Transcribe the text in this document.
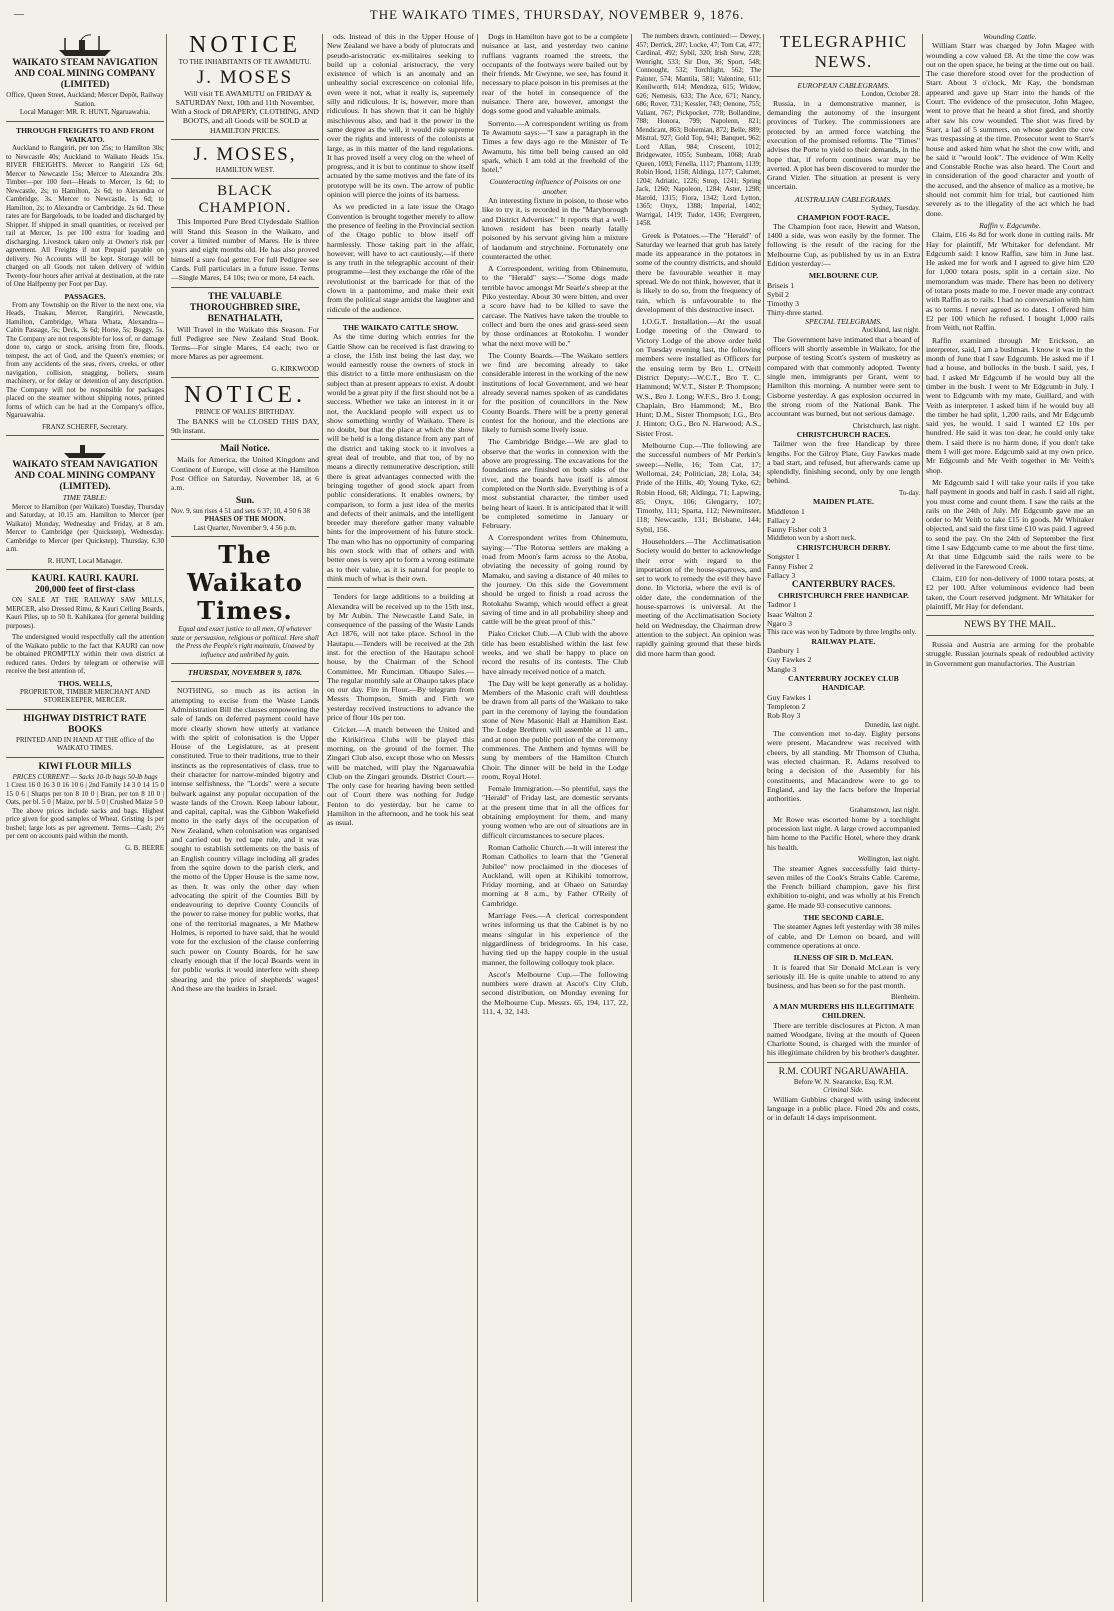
—	THE WAIKATO TIMES, THURSDAY, NOVEMBER 9, 1876.
WAIKATO STEAM NAVIGATION AND COAL MINING COMPANY (LIMITED)
Office, Queen Street, Auckland; Mercer Depôt, Railway Station.
Local Manager: MR. R. HUNT, Ngaruawahia.
THROUGH FREIGHTS TO AND FROM WAIKATO.

Auckland to Rangiriri, per ton 25s; to Hamilton 30s; to Newcastle 40s; Auckland to Waikato Heads 15s. RIVER FREIGHTS. Mercer to Rangiriri 12s 6d; Mercer to Newcastle 15s; Mercer to Alexandra 20s. Timber—per 100 feet—Heads to Mercer, 1s 6d; to Newcastle, 2s; to Hamilton, 2s 6d; to Alexandra or Cambridge, 3s. Mercer to Newcastle, 1s 6d; to Hamilton, 2s; to Alexandra or Cambridge, 2s 6d. These rates are for Bargeloads, to be loaded and discharged by Shipper. If shipped in small quantities, or received per rail at Mercer, 1s per 100 extra for loading and discharging. Livestock taken only at Owner's risk per agreement. All Freights if not Prepaid payable on delivery. No Accounts will be kept. Storage will be charged on all Goods not taken delivery of within Twenty-four hours after arrival at destination, at the rate of One Halfpenny per Foot per Day.

PASSAGES.

From any Township on the River to the next one, via Heads, Tuakau, Mercer, Rangiriri, Newcastle, Hamilton, Cambridge, Whata Whata, Alexandra—Cabin Passage, 5s; Deck, 3s 6d; Horse, 5s; Buggy, 5s. The Company are not responsible for loss of, or damage done to, cargo or stock, arising from fire, floods, tempest, the act of God, and the Queen's enemies; or from any accidents of the seas, rivers, creeks, or other navigation, collision, snagging, boilers, steam machinery, or for delay or detention of any description. The Company will not be responsible for packages placed on the steamer without shipping notes, printed forms of which can be had at the Company's office, Ngaruawahia.

FRANZ SCHERFF, Secretary.
WAIKATO STEAM NAVIGATION AND COAL MINING COMPANY (LIMITED).
TIME TABLE:

Mercer to Hamilton (per Waikato) Tuesday, Thursday and Saturday, at 10.15 am. Hamilton to Mercer (per Waikato) Monday, Wednesday and Friday, at 8 am. Mercer to Cambridge (per Quickstep), Wednesday. Cambridge to Mercer (per Quickstep), Thursday, 6.30 a.m.

R. HUNT, Local Manager.
KAURI. KAURI. KAURI.
200,000 feet of first-class

ON SALE AT THE RAILWAY SAW MILLS, MERCER, also Dressed Rimu, & Kauri Ceiling Boards, Kauri Piles, up to 50 ft. Kahikatea (for general building purposes).

The undersigned would respectfully call the attention of the Waikato public to the fact that KAURI can now be obtained PROMPTLY within their own district at reduced rates. Orders by telegram or otherwise will receive the best attention of,

THOS. WELLS,
PROPRIETOR, TIMBER MERCHANT AND STOREKEEPER, MERCER.
HIGHWAY DISTRICT RATE BOOKS
PRINTED AND IN HAND AT THE office of the WAIKATO TIMES.
KIWI FLOUR MILLS
PRICES CURRENT:— Sacks 10-lb bags 50-lb bags
1 Crest 16 0 16 3 0 16 10 6 | 2nd Family 14 3 0 14 15 0 15 0 6 | Sharps per ton 8 10 0 | Bran, per ton 8 10 0 | Oats, per bl. 5 0 | Maize, per bl. 5 0 | Crushed Maize 5 0

The above prices include sacks and bags. Highest price given for good samples of Wheat. Gristing 1s per bushel; large lots as per agreement. Terms—Cash; 2½ per cent on accounts paid within the month.

G. B. BEERE
NOTICE
TO THE INHABITANTS OF TE AWAMUTU.
J. MOSES

Will visit TE AWAMUTU on FRIDAY & SATURDAY Next, 10th and 11th November, With a Stock of DRAPERY, CLOTHING, AND BOOTS, and all Goods will be SOLD at HAMILTON PRICES.

J. MOSES,
HAMILTON WEST.
BLACK CHAMPION.

This Imported Pure Bred Clydesdale Stallion will Stand this Season in the Waikato, and cover a limited number of Mares. He is three years and eight months old. He has also proved himself a sure foal getter. For full Pedigree see Cards. Full particulars in a future issue. Terms—Single Mares, £4 10s; two or more, £4 each.

THE VALUABLE THOROUGHBRED SIRE, BENATHALATH,

Will Travel in the Waikato this Season. For full Pedigree see New Zealand Stud Book. Terms—For single Mares, £4 each; two or more Mares as per agreement.

G. KIRKWOOD
NOTICE.
PRINCE OF WALES' BIRTHDAY.

The BANKS will be CLOSED THIS DAY, 9th instant.

Mail Notice.

Mails for America, the United Kingdom and Continent of Europe, will close at the Hamilton Post Office on Saturday, November 18, at 6 a.m.

Sun.
Nov. 9, sun rises 4 51 and sets 6 37; 10, 4 50 6 38
PHASES OF THE MOON.
Last Quarter, November 9, 4 56 p.m.
The Waikato Times.
Equal and exact justice to all men, Of whatever state or persuasion, religious or political. Here shall the Press the People's right maintain, Unawed by influence and unbribed by gain.
THURSDAY, NOVEMBER 9, 1876.

NOTHING, so much as its action in attempting to excise from the Waste Lands Administration Bill the clauses empowering the sale of lands on deferred payment could have more clearly shown how utterly at variance with the spirit of colonisation is the Upper House of the Legislature, as at present constituted. True to their traditions, true to their instincts as the representatives of class, true to their character for narrow-minded bigotry and intense selfishness, the "Lords" were a secure bulwark against any popular occupation of the waste lands of the Crown. Keep labour labour, and capital, capital, was the Gibbon Wakefield motto in the early days of the occupation of New Zealand, when colonisation was organised and carried out by red tape rule, and it was sought to establish settlements on the basis of an English country village including all grades from the squire down to the parish clerk, and the motto of the Upper House is the same now, as then. It was only the other day when advocating the spirit of the Counties Bill by endeavouring to deprive County Councils of the power to raise money for public works, that one of the territorial magnates, a Mr Mathew Holmes, is reported to have said, that he would vote for the exclusion of the clause conferring such power on County Boards, for he saw clearly enough that if the local Boards went in for public works it would interfere with sheep shearing and the price of shepherds' wages! And these are the leaders in Israel.

ods. Instead of this in the Upper House of New Zealand we have a body of plutocrats and pseudo-aristocratic ex-militaires seeking to build up a colonial aristocracy, the very existence of which is an anomaly and an unhealthy social excrescence on colonial life, even were it not, what it really is, supremely silly and ridiculous. It is, however, more than ridiculous. It has shown that it can be highly mischievous also, and had it the power in the same degree as the will, it would ride supreme over the rights and interests of the colonists at large, as in this matter of the land regulations. It has proved itself a very clog on the wheel of progress, and it is but to continue to show itself actuated by the same motives and the fate of its prototype will be its own. The arrow of public opinion will pierce the joints of its harness.

As we predicted in a late issue the Otago Convention is brought together merely to allow the presence of feeling in the Provincial section of the Otago public to blow itself off harmlessly. Those taking part in the affair, however, will have to act cautiously,—if there is any truth in the telegraphic account of their programme—lest they exchange the rôle of the revolutionist at the barricade for that of the clown in a pantomime, and make their exit from the political stage amidst the laughter and ridicule of the audience.

THE WAIKATO CATTLE SHOW.

As the time during which entries for the Cattle Show can be received is fast drawing to a close, the 15th inst being the last day, we would earnestly rouse the owners of stock in this district to a little more enthusiasm on the subject than at present appears to exist. A doubt would be a great pity if the first should not be a success. Whether we take an interest in it or not, the Auckland people will expect us to show something worthy of Waikato. There is no doubt, but that the place at which the show will be held is a long distance from any part of the district and taking stock to it involves a great deal of trouble, and that too, of by no means a directly remunerative description, still there is great advantages connected with the bringing together of good stock apart from public considerations. It enables owners, by comparison, to form a just idea of the merits and defects of their animals, and the intelligent breeder may therefore gather many valuable hints for the improvement of his future stock. The man who has no opportunity of comparing his own stock with that of others and with better ones is very apt to form a wrong estimate as to their value, as it is natural for people to think much of what is their own.

Tenders for large additions to a building at Alexandra will be received up to the 15th inst, by Mr Aubin. The Newcastle Land Sale, in consequence of the passing of the Waste Lands Act 1876, will not take place. School in the Hautapu.—Tenders will be received at the 2th inst. for the erection of the Hautapu school house, by the Chairman of the School Committee, Mr Runciman. Ohaupo Sales.—The regular monthly sale at Ohaupo takes place on our day. Fire in Flour.—By telegram from Messrs Thompson, Smith and Firth we yesterday received instructions to advance the price of flour 10s per ton.

Cricket.—A match between the United and the Kirikiriroa Clubs will be played this morning, on the ground of the former. The Zingari Club also, except those who on Messrs will be matched, will play the Ngaruawahia Club on the Zingari grounds. District Court.—The only case for hearing having been settled out of Court there was nothing for Judge Fenton to do yesterday, but he came to Hamilton in the afternoon, and he took his seat as usual.

Dogs in Hamilton have got to be a complete nuisance at last, and yesterday two canine ruffians vagrants roamed the streets, the occupants of the footways were bailed out by their friends. Mr Gwynne, we see, has found it necessary to place poison in his premises at the rear of the hotel in consequence of the nuisance. There are, however, amongst the dogs some good and valuable animals.

Sorrento.—A correspondent writing us from Te Awamutu says:—"I saw a paragraph in the Times a few days ago re the Minister of Te Awamutu, his time bell being caused an old spark, which I am told at the freehold of the hotel."

Counteracting influence of Poisons on one another.

An interesting fixture in poison, to those who like to try it, is recorded in the "Maryborough and District Advertiser." It reports that a well-known resident has been nearly fatally poisoned by his servant giving him a mixture of laudanum and strychnine. Fortunately one counteracted the other.

A Correspondent, writing from Ohinemutu, to the "Herald" says:—"Some dogs made terrible havoc amongst Mr Searle's sheep at the Piko yesterday. About 30 were bitten, and over a score have had to be killed to save the carcase. The Natives have taken the trouble to collect and burn the ones and grass-seed seen by those ordinances at Rotokohu. I wonder what the next move will be."

The County Boards.—The Waikato settlers we find are becoming already to take considerable interest in the working of the new institutions of local Government, and we hear already several names spoken of as candidates for the position of councillors in the New County Boards. There will be a pretty general contest for the honour, and the elections are likely to furnish some lively issue.

The Cambridge Bridge.—We are glad to observe that the works in connexion with the above are progressing. The excavations for the foundations are finished on both sides of the river, and the boards have itself is almost completed on the North side. Everything is of a most substantial character, the timber used being heart of kauri. It is anticipated that it will be completed sometime in January or February.

A Correspondent writes from Ohinemutu, saying:—"The Rotorua settlers are making a road from Moon's farm across to the Atoba, obviating the necessity of going round by Mamaku, and saving a distance of 40 miles to the journey. On this side the Government should be urged to finish a road across the Rotokahu Swamp, which would effect a great saving of time and in all probability sheep and cattle will be the great proof of this."

Piako Cricket Club.—A Club with the above title has been established within the last few weeks, and we shall be happy to place on record the results of its contests. The Club have already received notice of a match.

The Day will be kept generally as a holiday. Members of the Masonic craft will doubtless be drawn from all parts of the Waikato to take part in the ceremony of laying the foundation stone of New Masonic Hall at Hamilton East. The Lodge Brethren will assemble at 11 am., and at noon the public portion of the ceremony commences. The Anthem and hymns will be sung by members of the Hamilton Church Choir. The dinner will be held in the Lodge room, Royal Hotel.

Female Immigration.—So plentiful, says the "Herald" of Friday last, are domestic servants at the present time that in all the offices for obtaining employment for them, and many young women who are out of situations are in difficult circumstances to secure places.

Roman Catholic Church.—It will interest the Roman Catholics to learn that the "General Jubilee" now proclaimed in the dioceses of Auckland, will open at Kihikihi tomorrow, Friday morning, and at Ohaeo on Saturday morning at 8 a.m., by Father O'Reily of Cambridge.

Marriage Fees.—A clerical correspondent writes informing us that the Cabinet is by no means singular in his experience of the niggardliness of bridegrooms. In his case, having tied up the happy couple in the usual manner, the following colloquy took place.

Ascot's Melbourne Cup.—The following numbers were drawn at Ascot's City Club, second distribution, on Monday evening for the Melbourne Cup. Messrs. 65, 194, 117, 22, 111, 4, 32, 143.

The numbers drawn, continued:— Dewey, 457; Derrick, 207; Locke, 47; Tom Cat, 477; Cardinal, 492; Sybil, 320; Irish Stew, 228; Wenright, 533; Sir Don, 36; Sport, 548; Connought, 532; Torchlight, 562; The Painter, 574; Mantila, 581; Valentine, 611; Kenilworth, 614; Mendoza, 615; Widow, 626; Nemesis, 633; The Ace, 671; Nancy, 686; Rover, 731; Kessler, 743; Oenone, 755; Valiant, 767; Pickpocket, 778; Bollandine, 788; Honora, 799; Napoleon, 821; Mendicant, 863; Bohemian, 872; Belle, 889; Mistral, 927; Gold Top, 941; Banquet, 962; Lord Allan, 984; Crescent, 1012; Bridgewater, 1055; Sunbeam, 1068; Arab Queen, 1093; Fenella, 1117; Phantom, 1139; Robin Hood, 1158; Aldinga, 1177; Calumet, 1204; Adriatic, 1226; Strop, 1241; Spring Jack, 1260; Napoleon, 1284; Aster, 1298; Harold, 1315; Fiora, 1342; Lord Lytton, 1365; Onyx, 1388; Imperial, 1402; Warrigal, 1419; Tudor, 1436; Evergreen, 1458.

Greek is Potatoes.—The "Herald" of Saturday we learned that grub has lately made its appearance in the potatoes in some of the country districts, and should there be favourable weather it may spread. We do not think, however, that it is likely to do so, from the frequency of rain, which is unfavourable to the development of this destructive insect.

I.O.G.T. Installation.—At the usual Lodge meeting of the Onward to Victory Lodge of the above order held on Tuesday evening last, the following members were installed as Officers for the ensuing term by Bro L. O'Neill District Deputy:—W.C.T., Bro T. C. Hammond; W.V.T., Sister P. Thompson; W.S., Bro J. Long; W.F.S., Bro J. Long; Chaplain, Bro Hammond; M., Bro Hunt; D.M., Sister Thompson; I.G., Bro J. Hinton; O.G., Bro N. Harwood; A.S., Sister Frost.

Melbourne Cup.—The following are the successful numbers of Mr Perkin's sweep:—Nelle, 16; Tom Cat, 17; Wollomai, 24; Politician, 28; Lola, 34; Pride of the Hills, 40; Young Tyke, 62; Robin Hood, 68; Aldinga, 71; Lapwing, 85; Onyx, 106; Glengarry, 107; Timothy, 111; Sparta, 112; Newminster, 118; Newcastle, 131; Brisbane, 144; Sybil, 156.

Householders.—The Acclimatisation Society would do better to acknowledge their error with regard to the importation of the house-sparrows, and set to work to remedy the evil they have done. In Victoria, where the evil is of older date, the condemnation of the house-sparrows is universal. At the meeting of the Acclimatisation Society held on Wednesday, the Chairman drew attention to the subject. An opinion was rapidly gaining ground that these birds did more harm than good.

TELEGRAPHIC NEWS.
EUROPEAN CABLEGRAMS.
London, October 28.

Russia, in a demonstrative manner, is demanding the autonomy of the insurgent provinces of Turkey. The commissioners are protected by an armed force watching the execution of the promised reforms. The "Times" advises the Porte to yield to their demands, in the hope that, if reform continues war may be averted. A plot has been discovered to murder the Grand Vizier. The situation at present is very uncertain.

AUSTRALIAN CABLEGRAMS.
Sydney, Tuesday.
CHAMPION FOOT-RACE.

The Champion foot race, Hewitt and Watson, 1400 a side, was won easily by the former. The following is the result of the racing for the Melbourne Cup, as published by us in an Extra Edition yesterday:—

MELBOURNE CUP.
Briseis 1
Sybil 2
Timothy 3
Thirty-three started.
SPECIAL TELEGRAMS.
Auckland, last night.

The Government have intimated that a board of officers will shortly assemble in Waikato, for the purpose of testing Scott's system of musketry as compared with that commonly adopted. Twenty single men, immigrants per Grant, went to Hamilton this morning. A number were sent to Cisborne yesterday. A gas explosion occurred in the strong room of the National Bank. The accountant was burned, but not serious damage.

Christchurch, last night.
CHRISTCHURCH RACES.

Tailmer won the free Handicap by three lengths. For the Gilroy Plate, Guy Fawkes made a bad start, and refused, but afterwards came up splendidly, finishing second, only by one length behind.

To-day.
MAIDEN PLATE.
Middleton 1
Fallacy 2
Fanny Fisher colt 3
Middleton won by a short neck.
CHRISTCHURCH DERBY.
Songster 1
Fanny Fisher 2
Fallacy 3
CANTERBURY RACES.
CHRISTCHURCH FREE HANDICAP.
Tadmor 1
Isaac Walton 2
Ngaro 3
This race was won by Tadmore by three lengths only.
RAILWAY PLATE.
Danbury 1
Guy Fawkes 2
Mangle 3
CANTERBURY JOCKEY CLUB HANDICAP.
Guy Fawkes 1
Templeton 2
Rob Roy 3
Dunedin, last night.

The convention met to-day. Eighty persons were present. Macandrew was received with cheers, by all standing. Mr Thomson of Clutha, was elected chairman. R. Adams resolved to bring a decision of the Assembly for his constituents, and Macandrew were to go to England, and lay the facts before the Imperial authorities.

Grahamstown, last night.

Mr Rowe was escorted home by a torchlight procession last night. A large crowd accompanied him home to the Pacific Hotel, where they drank his health.

Wellington, last night.

The steamer Agnes successfully laid thirty-seven miles of the Cook's Straits Cable. Careme, the French billiard champion, gave his first exhibition to-night, and was wholly at his French game. He made 93 consecutive cannons.

THE SECOND CABLE.

The steamer Agnes left yesterday with 38 miles of cable, and Dr Lemon on board, and will commence operations at once.

ILNESS OF SIR D. McLEAN.

It is feared that Sir Donald McLean is very seriously ill. He is quite unable to attend to any business, and has been so for the past month.

Blenheim.
A MAN MURDERS HIS ILLEGITIMATE CHILDREN.

There are terrible disclosures at Picton. A man named Woodgate, living at the mouth of Queen Charlotte Sound, is charged with the murder of his illegitimate children by his brother's daughter.

R.M. COURT NGARUAWAHIA.
Before W. N. Searancke, Esq. R.M.
Criminal Side.

William Gubbins charged with using indecent language in a public place. Fined 20s and costs, or in default 14 days imprisonment.

Wounding Cattle.

William Starr was charged by John Magee with wounding a cow valued £8. At the time the cow was out on the open space, he being at the time out on bail. The case therefore stood over for the production of Starr. About 3 o'clock, Mr Kay, the bondsman appeared and gave up Starr into the hands of the Court. The evidence of the prosecutor, John Magee, went to prove that he heard a shot fired, and shortly after saw his cow wounded. The shot was fired by Starr, a lad of 5 summers, on whose garden the cow was trespassing at the time. Prosecutor went to Starr's house and asked him what he shot the cow with, and he said it "would look". The evidence of Wm Kelly and Constable Roche was also heard. The Court and in consideration of the good character and youth of the accused, and the absence of malice as a motive, he should not commit him for trial, but cautioned him severely as to the illegality of the act which he had done.

Raffin v. Edgcumbe.

Claim, £16 4s 8d for work done in cutting rails. Mr Hay for plaintiff, Mr Whitaker for defendant. Mr Edgcumb said: I know Raffin, saw him in June last. He asked me for work and I agreed to give him £20 for 1,000 totara posts, split in a certain size. No memorandum was made. There has been no delivery of totara posts made to me. I never made any contract with Raffin as to rails. I had no conversation with him as to terms. I never agreed as to dates. I offered him £2 per 100 which he refused. I bought 1,000 rails from Veith, not Raffin.

Raffin examined through Mr Erickson, an interpreter, said, I am a bushman. I know it was in the month of June that I saw Edgcumb. He asked me if I had a house, and bullocks in the bush. I said, yes, I had. I asked Mr Edgcumb if he would buy all the timber in the bush. I went to Mr Edgcumb in July. I went to Edgcumb with my mate, Guillard, and with Veith as interpreter. I asked him if he would buy all the timber he had split, 1,200 rails, and Mr Edgcumb said yes, he would. I said I wanted £2 10s per hundred. He said it was too dear, he could only take them. I said there is no harm done, if you don't take them I will get more. Edgcumb said at my own price. Mr Edgcumb and Mr Veith together in Mr Veith's shop.

Mr Edgcumb said I will take your rails if you take half payment in goods and half in cash. I said all right, you must come and count them. I saw the rails at the rails on the 24th of July. Mr Edgcumb gave me an order to Mr Veith to take £15 in goods. Mr Whitaker objected, and said the first time £10 was paid. I agreed to send the pay. On the 24th of September the first time I saw Edgcumb came to me about the first time. At that time Edgcumb said the rails were to be delivered in the Farewood Creek.

Claim, £10 for non-delivery of 1000 totara posts, at £2 per 100. After voluminous evidence had been taken, the Court reserved judgment. Mr Whitaker for plaintiff, Mr Hay for defendant.

NEWS BY THE MAIL.

Russia and Austria are arming for the probable struggle. Russian journals speak of redoubled activity in Government gun manufactories. The Austrian
